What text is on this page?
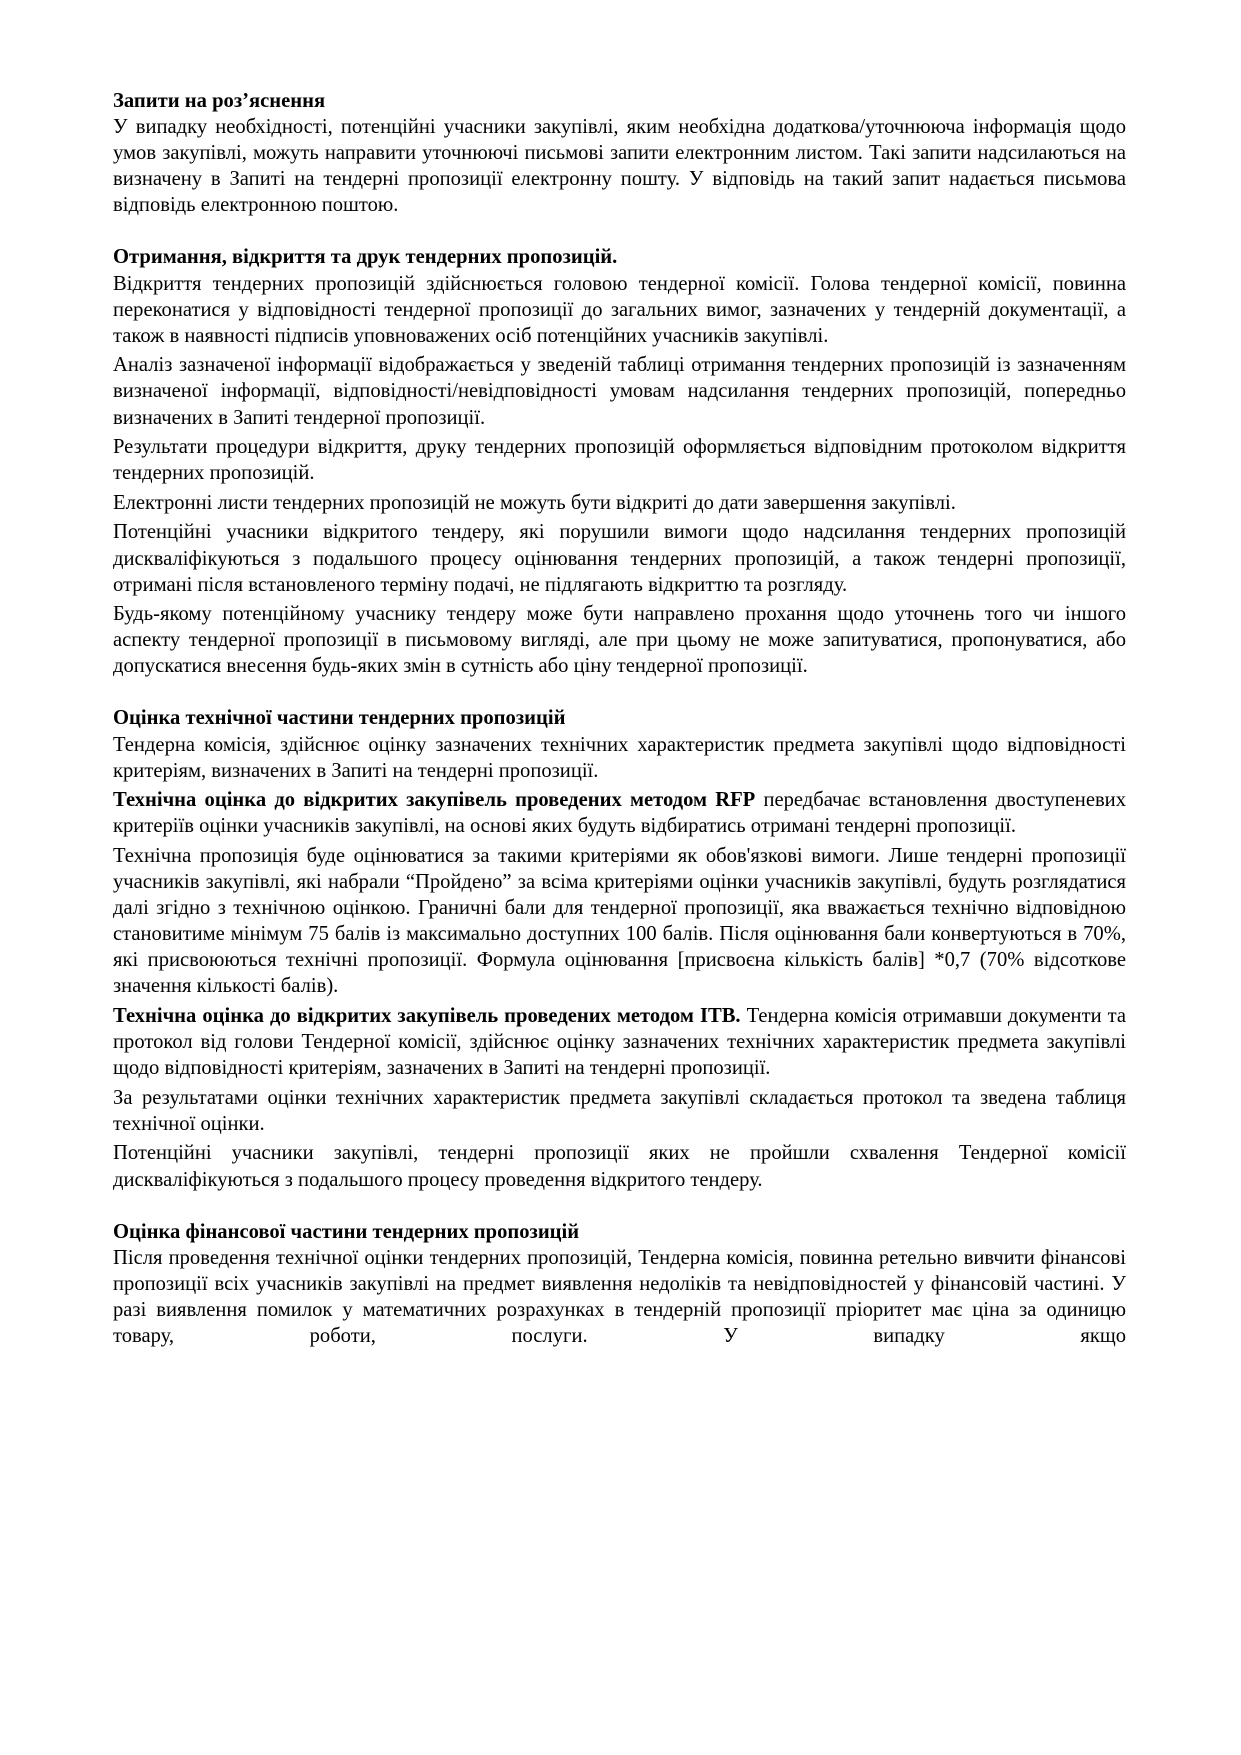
Запити на роз’яснення

У випадку необхідності, потенційні учасники закупівлі, яким необхідна додаткова/уточнююча інформація щодо умов закупівлі, можуть направити уточнюючі письмові запити електронним листом. Такі запити надсилаються на визначену в Запиті на тендерні пропозиції електронну пошту. У відповідь на такий запит надається письмова відповідь електронною поштою.

Отримання, відкриття та друк тендерних пропозицій.

Відкриття тендерних пропозицій здійснюється головою тендерної комісії. Голова тендерної комісії, повинна переконатися у відповідності тендерної пропозиції до загальних вимог, зазначених у тендерній документації, а також в наявності підписів уповноважених осіб потенційних учасників закупівлі.

Аналіз зазначеної інформації відображається у зведеній таблиці отримання тендерних пропозицій із зазначенням визначеної інформації, відповідності/невідповідності умовам надсилання тендерних пропозицій, попередньо визначених в Запиті тендерної пропозиції.

Результати процедури відкриття, друку тендерних пропозицій оформляється відповідним протоколом відкриття тендерних пропозицій.

Електронні листи тендерних пропозицій не можуть бути відкриті до дати завершення закупівлі.

Потенційні учасники відкритого тендеру, які порушили вимоги щодо надсилання тендерних пропозицій дискваліфікуються з подальшого процесу оцінювання тендерних пропозицій, а також тендерні пропозиції, отримані після встановленого терміну подачі, не підлягають відкриттю та розгляду.

Будь-якому потенційному учаснику тендеру може бути направлено прохання щодо уточнень того чи іншого аспекту тендерної пропозиції в письмовому вигляді, але при цьому не може запитуватися, пропонуватися, або допускатися внесення будь-яких змін в сутність або ціну тендерної пропозиції.

Оцінка технічної частини тендерних пропозицій

Тендерна комісія, здійснює оцінку зазначених технічних характеристик предмета закупівлі щодо відповідності критеріям, визначених в Запиті на тендерні пропозиції.

Технічна оцінка до відкритих закупівель проведених методом RFP передбачає встановлення двоступеневих критеріїв оцінки учасників закупівлі, на основі яких будуть відбиратись отримані тендерні пропозиції.

Технічна пропозиція буде оцінюватися за такими критеріями як обов'язкові вимоги. Лише тендерні пропозиції учасників закупівлі, які набрали “Пройдено” за всіма критеріями оцінки учасників закупівлі, будуть розглядатися далі згідно з технічною оцінкою. Граничні бали для тендерної пропозиції, яка вважається технічно відповідною становитиме мінімум 75 балів із максимально доступних 100 балів. Після оцінювання бали конвертуються в 70%, які присвоюються технічні пропозиції. Формула оцінювання [присвоєна кількість балів] *0,7 (70% відсоткове значення кількості балів).

Технічна оцінка до відкритих закупівель проведених методом ITB. Тендерна комісія отримавши документи та протокол від голови Тендерної комісії, здійснює оцінку зазначених технічних характеристик предмета закупівлі щодо відповідності критеріям, зазначених в Запиті на тендерні пропозиції.

За результатами оцінки технічних характеристик предмета закупівлі складається протокол та зведена таблиця технічної оцінки.

Потенційні учасники закупівлі, тендерні пропозиції яких не пройшли схвалення Тендерної комісії дискваліфікуються з подальшого процесу проведення відкритого тендеру.

Оцінка фінансової частини тендерних пропозицій

Після проведення технічної оцінки тендерних пропозицій, Тендерна комісія, повинна ретельно вивчити фінансові пропозиції всіх учасників закупівлі на предмет виявлення недоліків та невідповідностей у фінансовій частині. У разі виявлення помилок у математичних розрахунках в тендерній пропозиції пріоритет має ціна за одиницю товару, роботи, послуги. У випадку якщо
